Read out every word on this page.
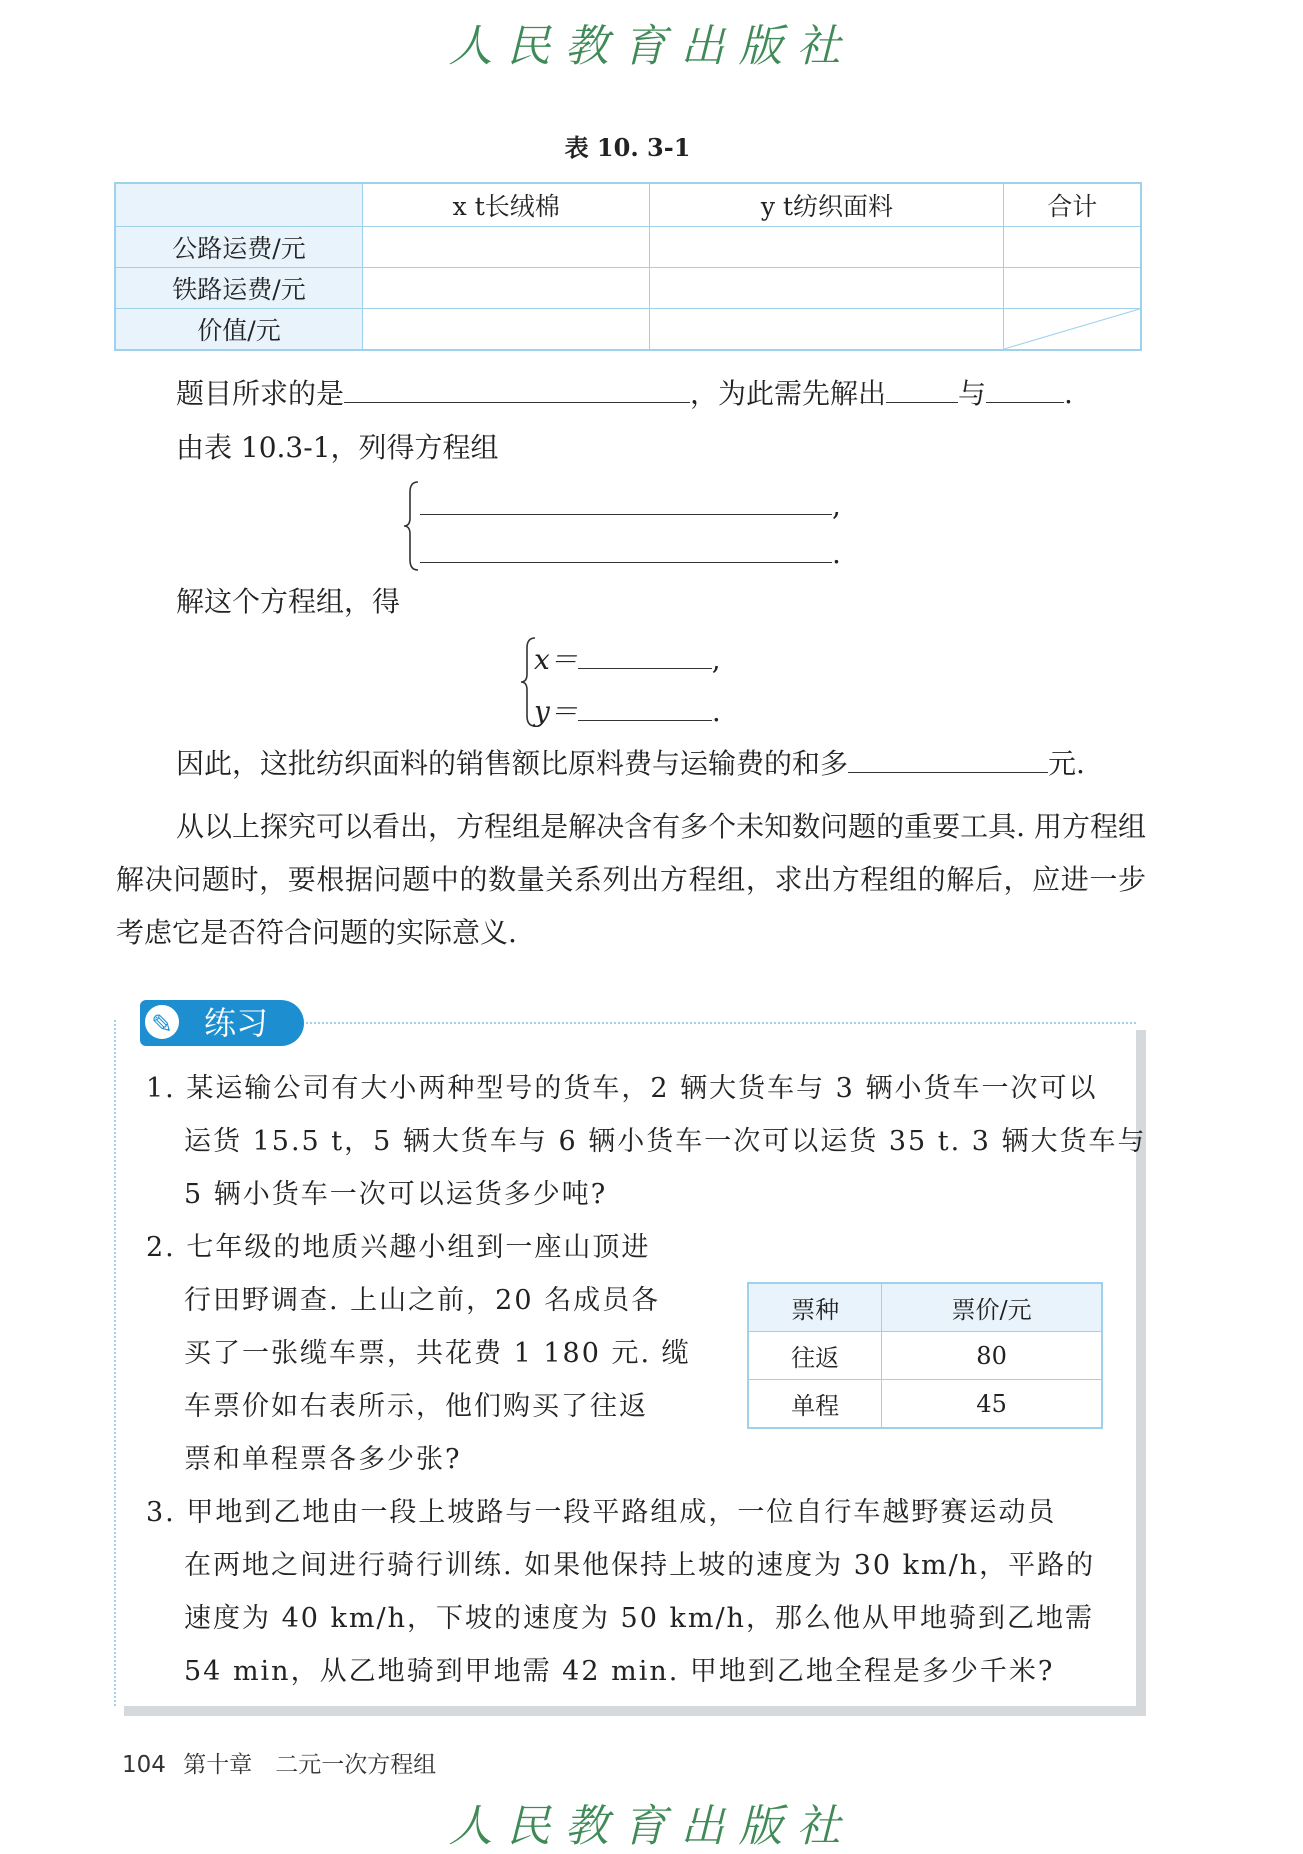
人民教育出版社
表 10. 3-1
	x t长绒棉	y t纺织面料	合计
公路运费/元			
铁路运费/元			
价值/元			
题目所求的是	，为此需先解出	与	.
由表 10.3-1，列得方程组
,
.
解这个方程组，得
x＝	,
y＝	.
因此，这批纺织面料的销售额比原料费与运输费的和多	元.
从以上探究可以看出，方程组是解决含有多个未知数问题的重要工具. 用方程组解决问题时，要根据问题中的数量关系列出方程组，求出方程组的解后，应进一步考虑它是否符合问题的实际意义.
练习
✎
1. 某运输公司有大小两种型号的货车，2 辆大货车与 3 辆小货车一次可以
运货 15.5 t，5 辆大货车与 6 辆小货车一次可以运货 35 t. 3 辆大货车与
5 辆小货车一次可以运货多少吨?
2. 七年级的地质兴趣小组到一座山顶进
行田野调查. 上山之前，20 名成员各
买了一张缆车票，共花费 1 180 元. 缆
车票价如右表所示，他们购买了往返
票和单程票各多少张?
票种	票价/元
往返	80
单程	45
3. 甲地到乙地由一段上坡路与一段平路组成，一位自行车越野赛运动员
在两地之间进行骑行训练. 如果他保持上坡的速度为 30 km/h，平路的
速度为 40 km/h，下坡的速度为 50 km/h，那么他从甲地骑到乙地需
54 min，从乙地骑到甲地需 42 min. 甲地到乙地全程是多少千米?
104 第十章　二元一次方程组
人民教育出版社
